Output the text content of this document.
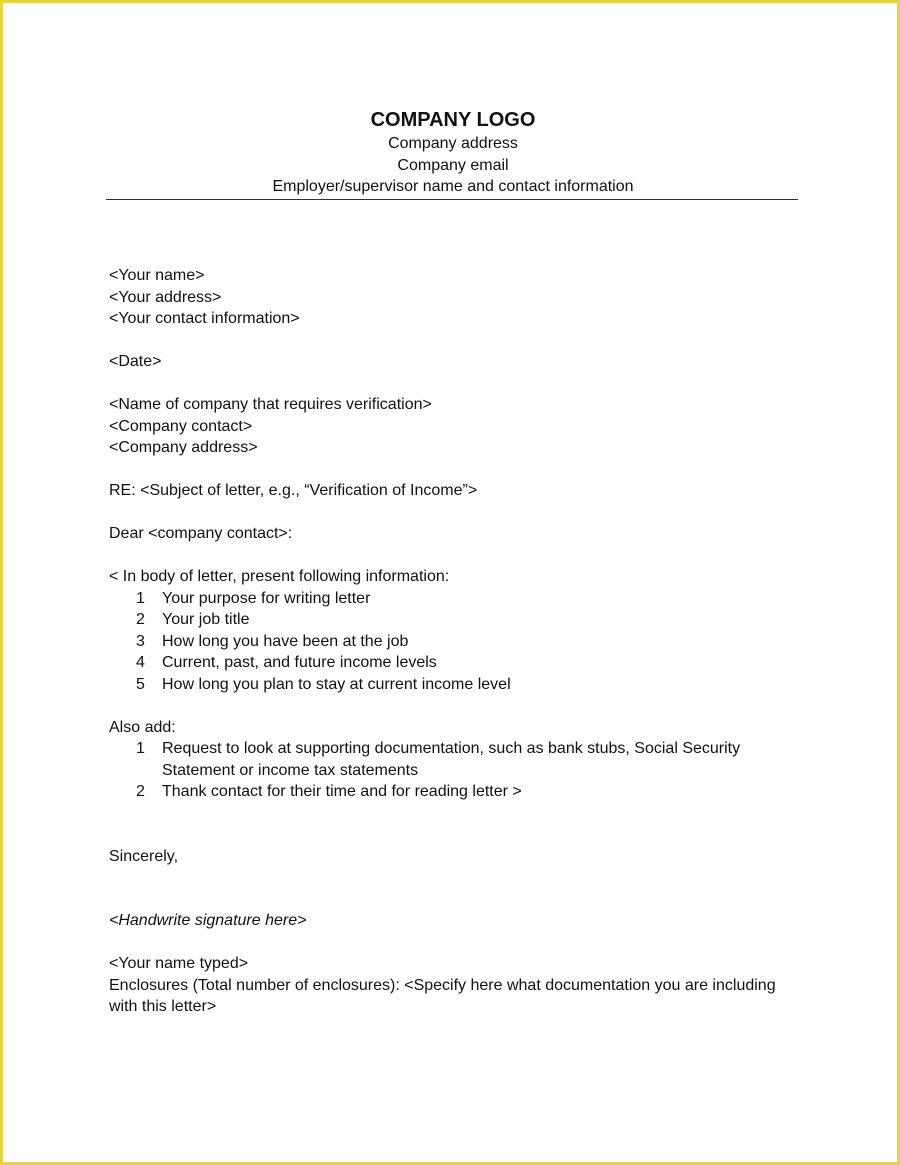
COMPANY LOGO
Company address
Company email
Employer/supervisor name and contact information
<Your name>
<Your address>
<Your contact information>
<Date>
<Name of company that requires verification>
<Company contact>
<Company address>
RE: <Subject of letter, e.g., “Verification of Income”>
Dear <company contact>:
< In body of letter, present following information:
1	Your purpose for writing letter
2	Your job title
3	How long you have been at the job
4	Current, past, and future income levels
5	How long you plan to stay at current income level
Also add:
1	Request to look at supporting documentation, such as bank stubs, Social Security Statement or income tax statements
2	Thank contact for their time and for reading letter >
Sincerely,
<Handwrite signature here>
<Your name typed>
Enclosures (Total number of enclosures): <Specify here what documentation you are including with this letter>
